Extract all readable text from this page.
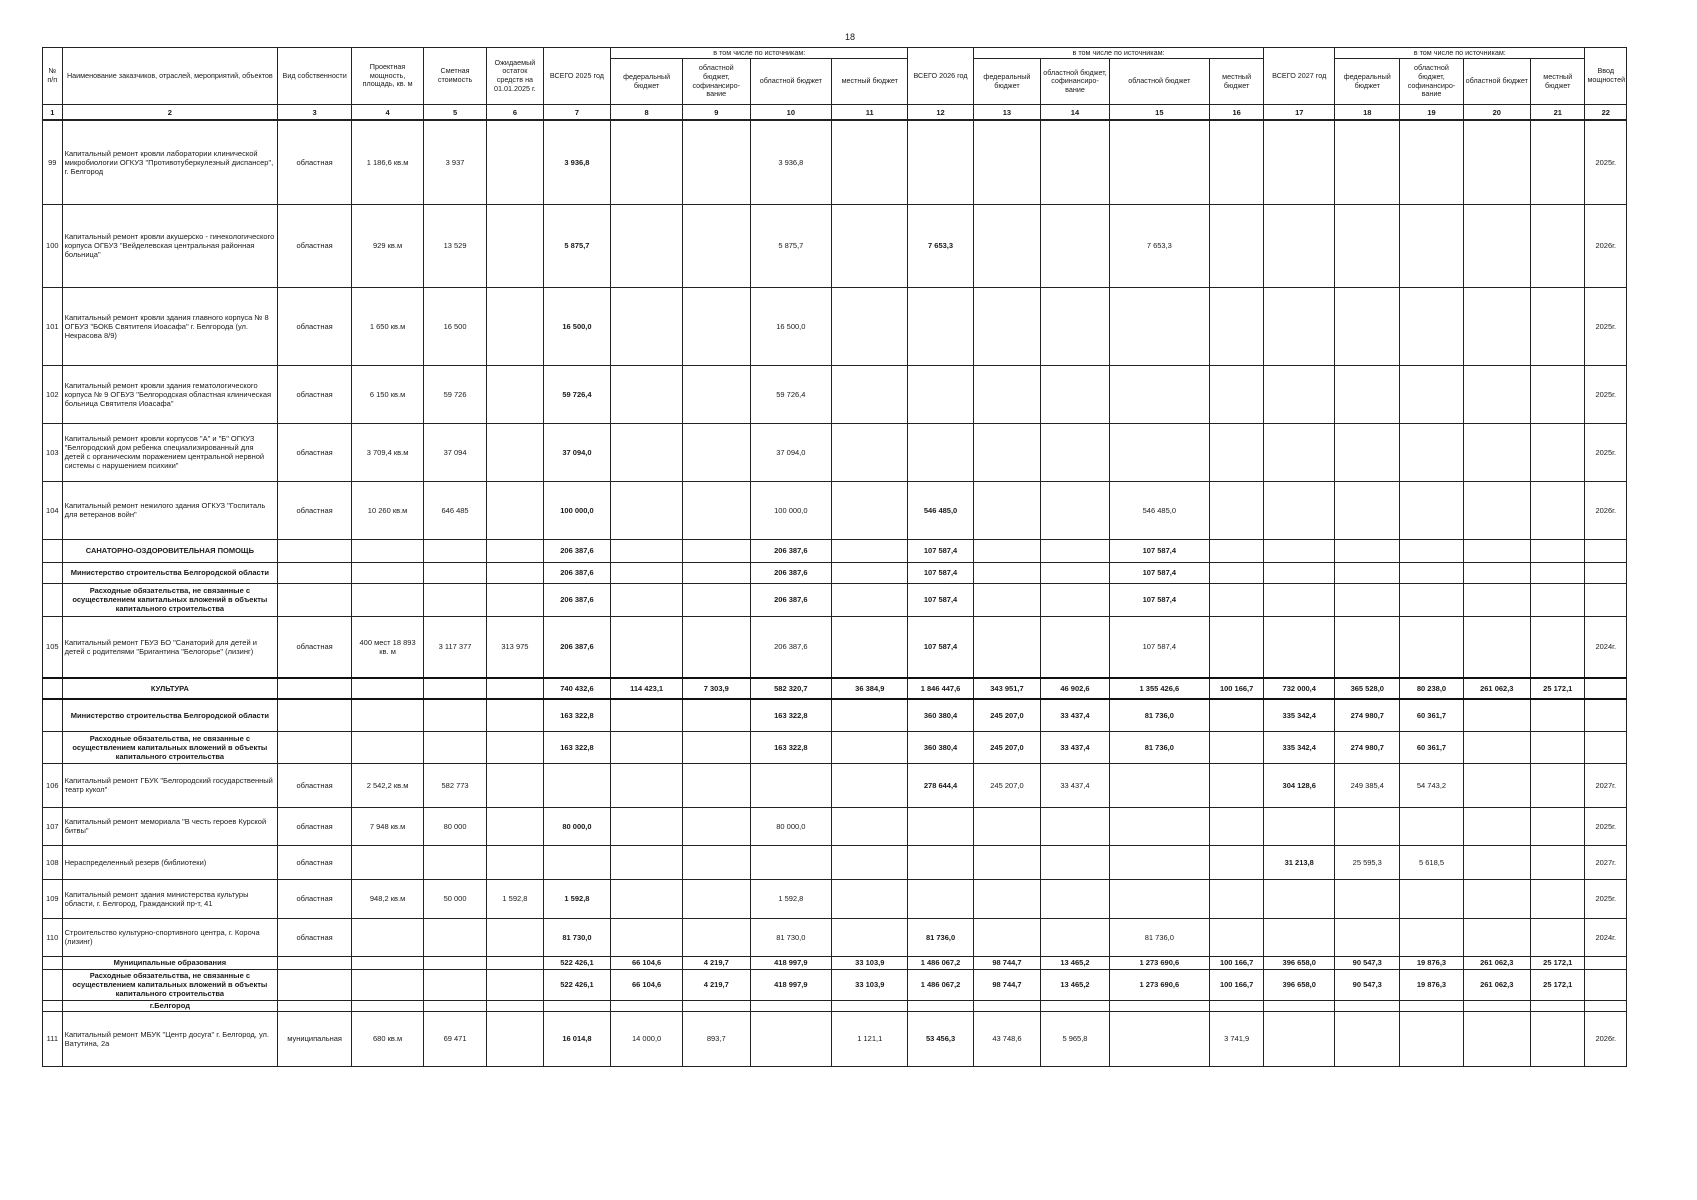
18
№ п/п	Наименование заказчиков, отраслей, мероприятий, объектов	Вид собственности	Проектная мощность, площадь, кв. м	Сметная стоимость	Ожидаемый остаток средств на 01.01.2025 г.	ВСЕГО 2025 год	в том числе по источникам:				ВСЕГО 2026 год	в том числе по источникам:				ВСЕГО 2027 год	в том числе по источникам:				Ввод мощностей
							федеральный бюджет	областной бюджет, софинансиро-вание	областной бюджет	местный бюджет		федеральный бюджет	областной бюджет, софинансиро-вание	областной бюджет	местный бюджет		федеральный бюджет	областной бюджет, софинансиро-вание	областной бюджет	местный бюджет	
1	2	3	4	5	6	7	8	9	10	11	12	13	14	15	16	17	18	19	20	21	22
99	Капитальный ремонт кровли лаборатории клинической микробиологии ОГКУЗ "Противотуберкулезный диспансер", г. Белгород	областная	1 186,6 кв.м	3 937		3 936,8			3 936,8												2025г.
100	Капитальный ремонт кровли акушерско - гинекологического корпуса ОГБУЗ "Вейделевская центральная районная больница"	областная	929 кв.м	13 529		5 875,7			5 875,7		7 653,3			7 653,3							2026г.
101	Капитальный ремонт кровли здания главного корпуса № 8 ОГБУЗ "БОКБ Святителя Иоасафа" г. Белгорода (ул. Некрасова 8/9)	областная	1 650 кв.м	16 500		16 500,0			16 500,0												2025г.
102	Капитальный ремонт кровли здания гематологического корпуса № 9 ОГБУЗ "Белгородская областная клиническая больница Святителя Иоасафа"	областная	6 150 кв.м	59 726		59 726,4			59 726,4												2025г.
103	Капитальный ремонт кровли корпусов "А" и "Б" ОГКУЗ "Белгородский дом ребенка специализированный для детей с органическим поражением центральной нервной системы с нарушением психики"	областная	3 709,4 кв.м	37 094		37 094,0			37 094,0												2025г.
104	Капитальный ремонт нежилого здания ОГКУЗ "Госпиталь для ветеранов войн"	областная	10 260 кв.м	646 485		100 000,0			100 000,0		546 485,0			546 485,0							2026г.
	САНАТОРНО-ОЗДОРОВИТЕЛЬНАЯ ПОМОЩЬ					206 387,6			206 387,6		107 587,4			107 587,4							
	Министерство строительства Белгородской области					206 387,6			206 387,6		107 587,4			107 587,4							
	Расходные обязательства, не связанные с осуществлением капитальных вложений в объекты капитального строительства					206 387,6			206 387,6		107 587,4			107 587,4							
105	Капитальный ремонт ГБУЗ БО "Санаторий для детей и детей с родителями "Бригантина "Белогорье" (лизинг)	областная	400 мест 18 893 кв. м	3 117 377	313 975	206 387,6			206 387,6		107 587,4			107 587,4							2024г.
	КУЛЬТУРА					740 432,6	114 423,1	7 303,9	582 320,7	36 384,9	1 846 447,6	343 951,7	46 902,6	1 355 426,6	100 166,7	732 000,4	365 528,0	80 238,0	261 062,3	25 172,1	
	Министерство строительства Белгородской области					163 322,8			163 322,8		360 380,4	245 207,0	33 437,4	81 736,0		335 342,4	274 980,7	60 361,7			
	Расходные обязательства, не связанные с осуществлением капитальных вложений в объекты капитального строительства					163 322,8			163 322,8		360 380,4	245 207,0	33 437,4	81 736,0		335 342,4	274 980,7	60 361,7			
106	Капитальный ремонт ГБУК "Белгородский государственный театр кукол"	областная	2 542,2 кв.м	582 773							278 644,4	245 207,0	33 437,4			304 128,6	249 385,4	54 743,2			2027г.
107	Капитальный ремонт мемориала "В честь героев Курской битвы"	областная	7 948 кв.м	80 000		80 000,0			80 000,0												2025г.
108	Нераспределенный резерв (библиотеки)	областная														31 213,8	25 595,3	5 618,5			2027г.
109	Капитальный ремонт здания министерства культуры области, г. Белгород, Гражданский пр-т, 41	областная	948,2 кв.м	50 000	1 592,8	1 592,8			1 592,8												2025г.
110	Строительство культурно-спортивного центра, г. Короча (лизинг)	областная				81 730,0			81 730,0		81 736,0			81 736,0							2024г.
	Муниципальные образования					522 426,1	66 104,6	4 219,7	418 997,9	33 103,9	1 486 067,2	98 744,7	13 465,2	1 273 690,6	100 166,7	396 658,0	90 547,3	19 876,3	261 062,3	25 172,1	
	Расходные обязательства, не связанные с осуществлением капитальных вложений в объекты капитального строительства					522 426,1	66 104,6	4 219,7	418 997,9	33 103,9	1 486 067,2	98 744,7	13 465,2	1 273 690,6	100 166,7	396 658,0	90 547,3	19 876,3	261 062,3	25 172,1	
	г.Белгород																				
111	Капитальный ремонт МБУК "Центр досуга" г. Белгород, ул. Ватутина, 2а	муниципальная	680 кв.м	69 471		16 014,8	14 000,0	893,7		1 121,1	53 456,3	43 748,6	5 965,8		3 741,9						2026г.
